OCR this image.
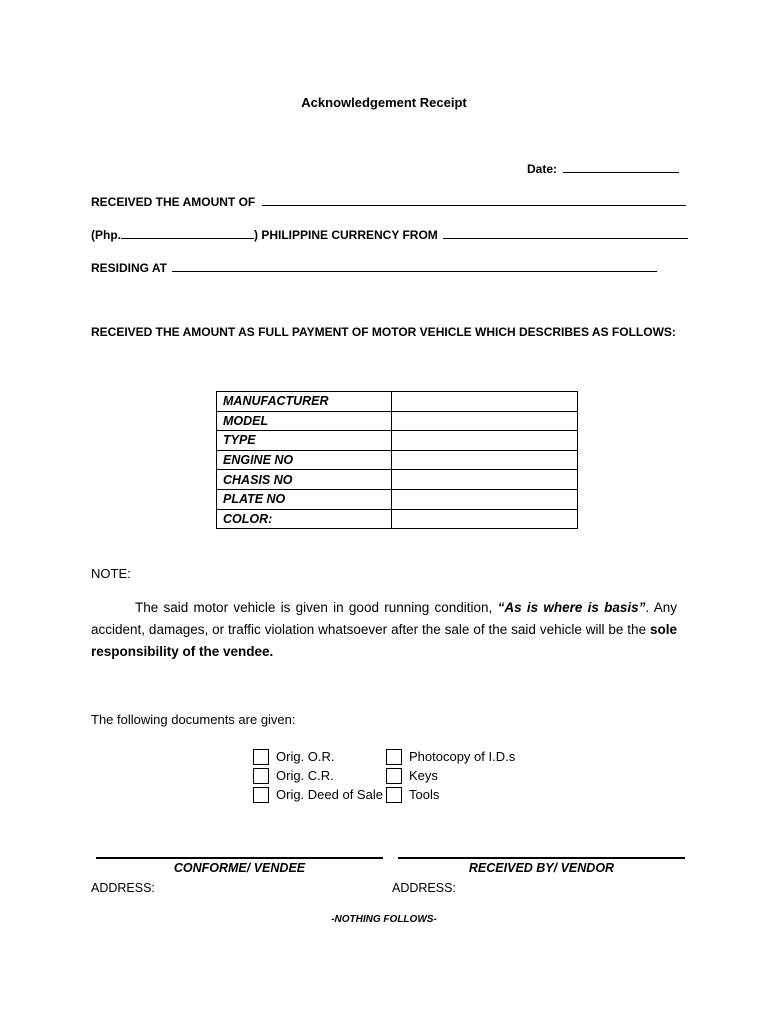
Acknowledgement Receipt
Date:
RECEIVED THE AMOUNT OF
(Php.	) PHILIPPINE CURRENCY FROM
RESIDING AT
RECEIVED THE AMOUNT AS FULL PAYMENT OF MOTOR VEHICLE WHICH DESCRIBES AS FOLLOWS:
MANUFACTURER	
MODEL	
TYPE	
ENGINE NO	
CHASIS NO	
PLATE NO	
COLOR:	
NOTE:
The said motor vehicle is given in good running condition, “As is where is basis”. Any accident, damages, or traffic violation whatsoever after the sale of the said vehicle will be the sole responsibility of the vendee.
The following documents are given:
Orig. O.R.
Orig. C.R.
Orig. Deed of Sale
Photocopy of I.D.s
Keys
Tools
CONFORME/ VENDEE	RECEIVED BY/ VENDOR
ADDRESS:	ADDRESS:
-NOTHING FOLLOWS-
